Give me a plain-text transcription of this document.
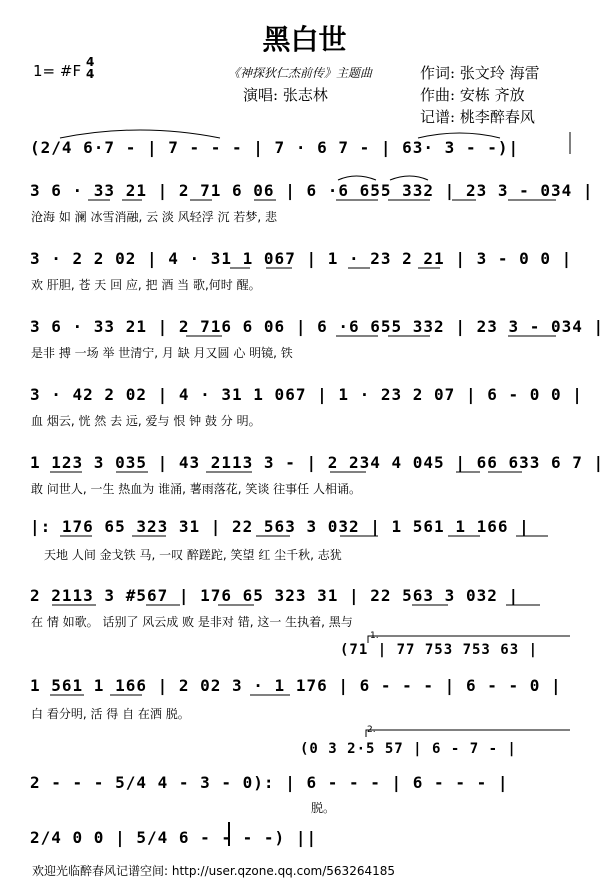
黑白世
1= #F 4
4	《神探狄仁杰前传》主题曲
演唱: 张志林
作词: 张文玲 海雷
作曲: 安栋 齐放
记谱: 桃李醉春风
(2/4 6·7 - | 7 - - - | 7 · 6 7 - | 63· 3 - -)|
3 6 · 33 21 | 2 71 6 06 | 6 ·6 655 332 | 23 3 - 034 |
沧海 如 澜 冰雪消融, 云 淡 风轻浮 沉 若梦, 悲
3 · 2 2 02 | 4 · 31 1 067 | 1 · 23 2 21 | 3 - 0 0 |
欢 肝胆, 苍 天 回 应, 把 酒 当 歌,何时 醒。
3 6 · 33 21 | 2 716 6 06 | 6 ·6 655 332 | 23 3 - 034 |
是非 搏 一场 举 世清宁, 月 缺 月又圆 心 明镜, 铁
3 · 42 2 02 | 4 · 31 1 067 | 1 · 23 2 07 | 6 - 0 0 |
血 烟云, 恍 然 去 远, 爱与 恨 钟 鼓 分 明。
1 123 3 035 | 43 2113 3 - | 2 234 4 045 | 66 633 6 7 |
敢 问世人, 一生 热血为 谁涌, 薯雨落花, 笑谈 往事任 人相诵。
|: 176 65 323 31 | 22 563 3 032 | 1 561 1 166 |
天地 人间 金戈铁 马, 一叹 醉蹉跎, 笑望 红 尘千秋, 志犹
2 2113 3 #567 | 176 65 323 31 | 22 563 3 032 |
在 情 如歌。 话别了 风云成 败 是非对 错, 这一 生执着, 黑与
1.
(71 | 77 753 753 63 |
1 561 1 166 | 2 02 3 · 1 176 | 6 - - - | 6 - - 0 |
白 看分明, 活 得 自 在洒 脱。
2.
(0 3 2·5 57 | 6 - 7 - |
2 - - - 5/4 4 - 3 - 0): | 6 - - - | 6 - - - |
脱。
2/4 0 0 | 5/4 6 - - - -) ||
欢迎光临醉春风记谱空间: http://user.qzone.qq.com/563264185
